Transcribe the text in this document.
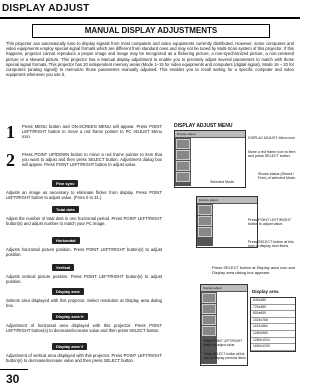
DISPLAY ADJUST
MANUAL DISPLAY ADJUSTMENTS
This projector can automatically tune to display signals from most computers and video equipments currently distributed. However, some computers and video equipments employ special signal formats which are different from standard ones and may not be tuned by Multi-Scan system of this projector. If this happens, projector cannot reproduce a proper image and image may be recognized as a flickering picture, a non-synchronized picture, a non-centered picture or a skewed picture. This projector has a Manual display adjustment to enable you to precisely adjust several parameters to match with those special signal formats. This projector has 20 independent memory areas (Mode 1–15 for video equipments and computers (digital signal), Mode 16 – 20 for computers (analog signal)) to memorize those parameters manually adjusted. This enables you to recall setting for a specific computer and video equipment whenever you use it.
1 Press MENU button and ON-SCREEN MENU will appear. Press POINT LEFT/RIGHT button to move a red frame pointer to PC ADJUST Menu icon.
2 Press POINT UP/DOWN button to move a red frame pointer to item that you want to adjust and then press SELECT button. Adjustment dialog box will appear. Press POINT LEFT/RIGHT button to adjust value.
Fine sync
Adjusts an image as necessary to eliminate flicker from display. Press POINT LEFT/RIGHT button to adjust value. (From 0 to 31.)
Total dots
Adjust the number of total dots in one horizontal period. Press POINT LEFT/RIGHT button(s) and adjust number to match your PC image.
Horizontal
Adjusts horizontal picture position. Press POINT LEFT/RIGHT button(s) to adjust position.
Vertical
Adjusts vertical picture position. Press POINT LEFT/RIGHT button(s) to adjust position.
Display area
Selects area displayed with this projector. Select resolution at Display area dialog box.
Display area H
Adjustment of horizontal area displayed with this projector. Press POINT LEFT/RIGHT button(s) to decrease/increase value and then press SELECT button.
Display area V
Adjustment of vertical area displayed with this projector. Press POINT LEFT/RIGHT button(s) to decrease/increase value and then press SELECT button.
DISPLAY ADJUST MENU
Display adjust
DISPLAY ADJUST Menu icon
Move a red frame icon to item and press SELECT button.
Selected Mode
Shows status (Stored / Free) of selected Mode.
Display adjust
Press POINT LEFT/RIGHT button to adjust value.
Press SELECT button at this icon to display next items.
Press SELECT button at Display area icon and Display area dialog box appears.
Display adjust
Display area
640x480
720x480
800x600
1024x768
1152x864
1280x960
1280x1024
1600x1200
Press POINT LEFT/RIGHT button to adjust value.
Press SELECT button at this icon to display previous items.
30
